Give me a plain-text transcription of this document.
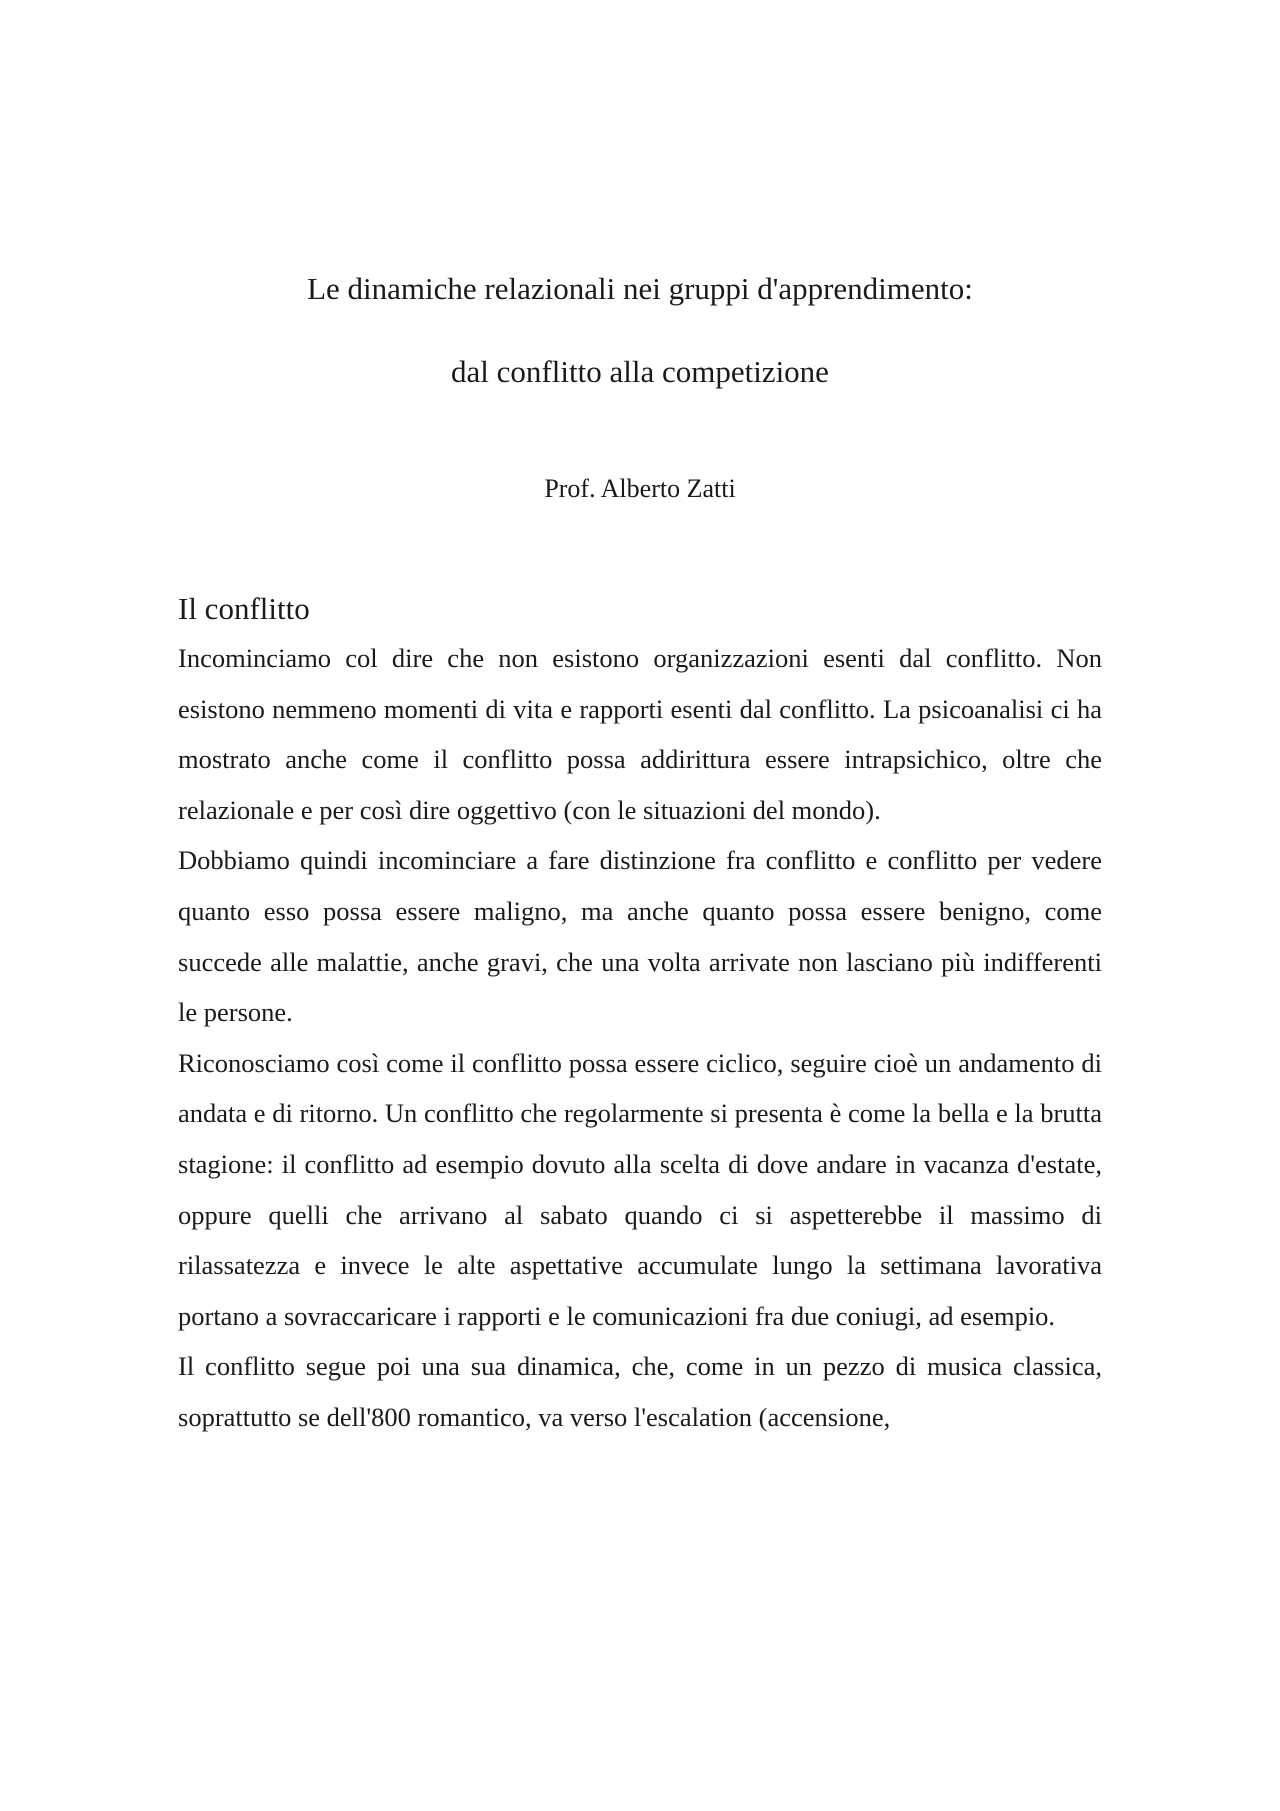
Le dinamiche relazionali nei gruppi d'apprendimento:
dal conflitto alla competizione
Prof. Alberto Zatti
Il conflitto

Incominciamo col dire che non esistono organizzazioni esenti dal conflitto. Non esistono nemmeno momenti di vita e rapporti esenti dal conflitto. La psicoanalisi ci ha mostrato anche come il conflitto possa addirittura essere intrapsichico, oltre che relazionale e per così dire oggettivo (con le situazioni del mondo).

Dobbiamo quindi incominciare a fare distinzione fra conflitto e conflitto per vedere quanto esso possa essere maligno, ma anche quanto possa essere benigno, come succede alle malattie, anche gravi, che una volta arrivate non lasciano più indifferenti le persone.

Riconosciamo così come il conflitto possa essere ciclico, seguire cioè un andamento di andata e di ritorno. Un conflitto che regolarmente si presenta è come la bella e la brutta stagione: il conflitto ad esempio dovuto alla scelta di dove andare in vacanza d'estate, oppure quelli che arrivano al sabato quando ci si aspetterebbe il massimo di rilassatezza e invece le alte aspettative accumulate lungo la settimana lavorativa portano a sovraccaricare i rapporti e le comunicazioni fra due coniugi, ad esempio.

Il conflitto segue poi una sua dinamica, che, come in un pezzo di musica classica, soprattutto se dell'800 romantico, va verso l'escalation (accensione,
